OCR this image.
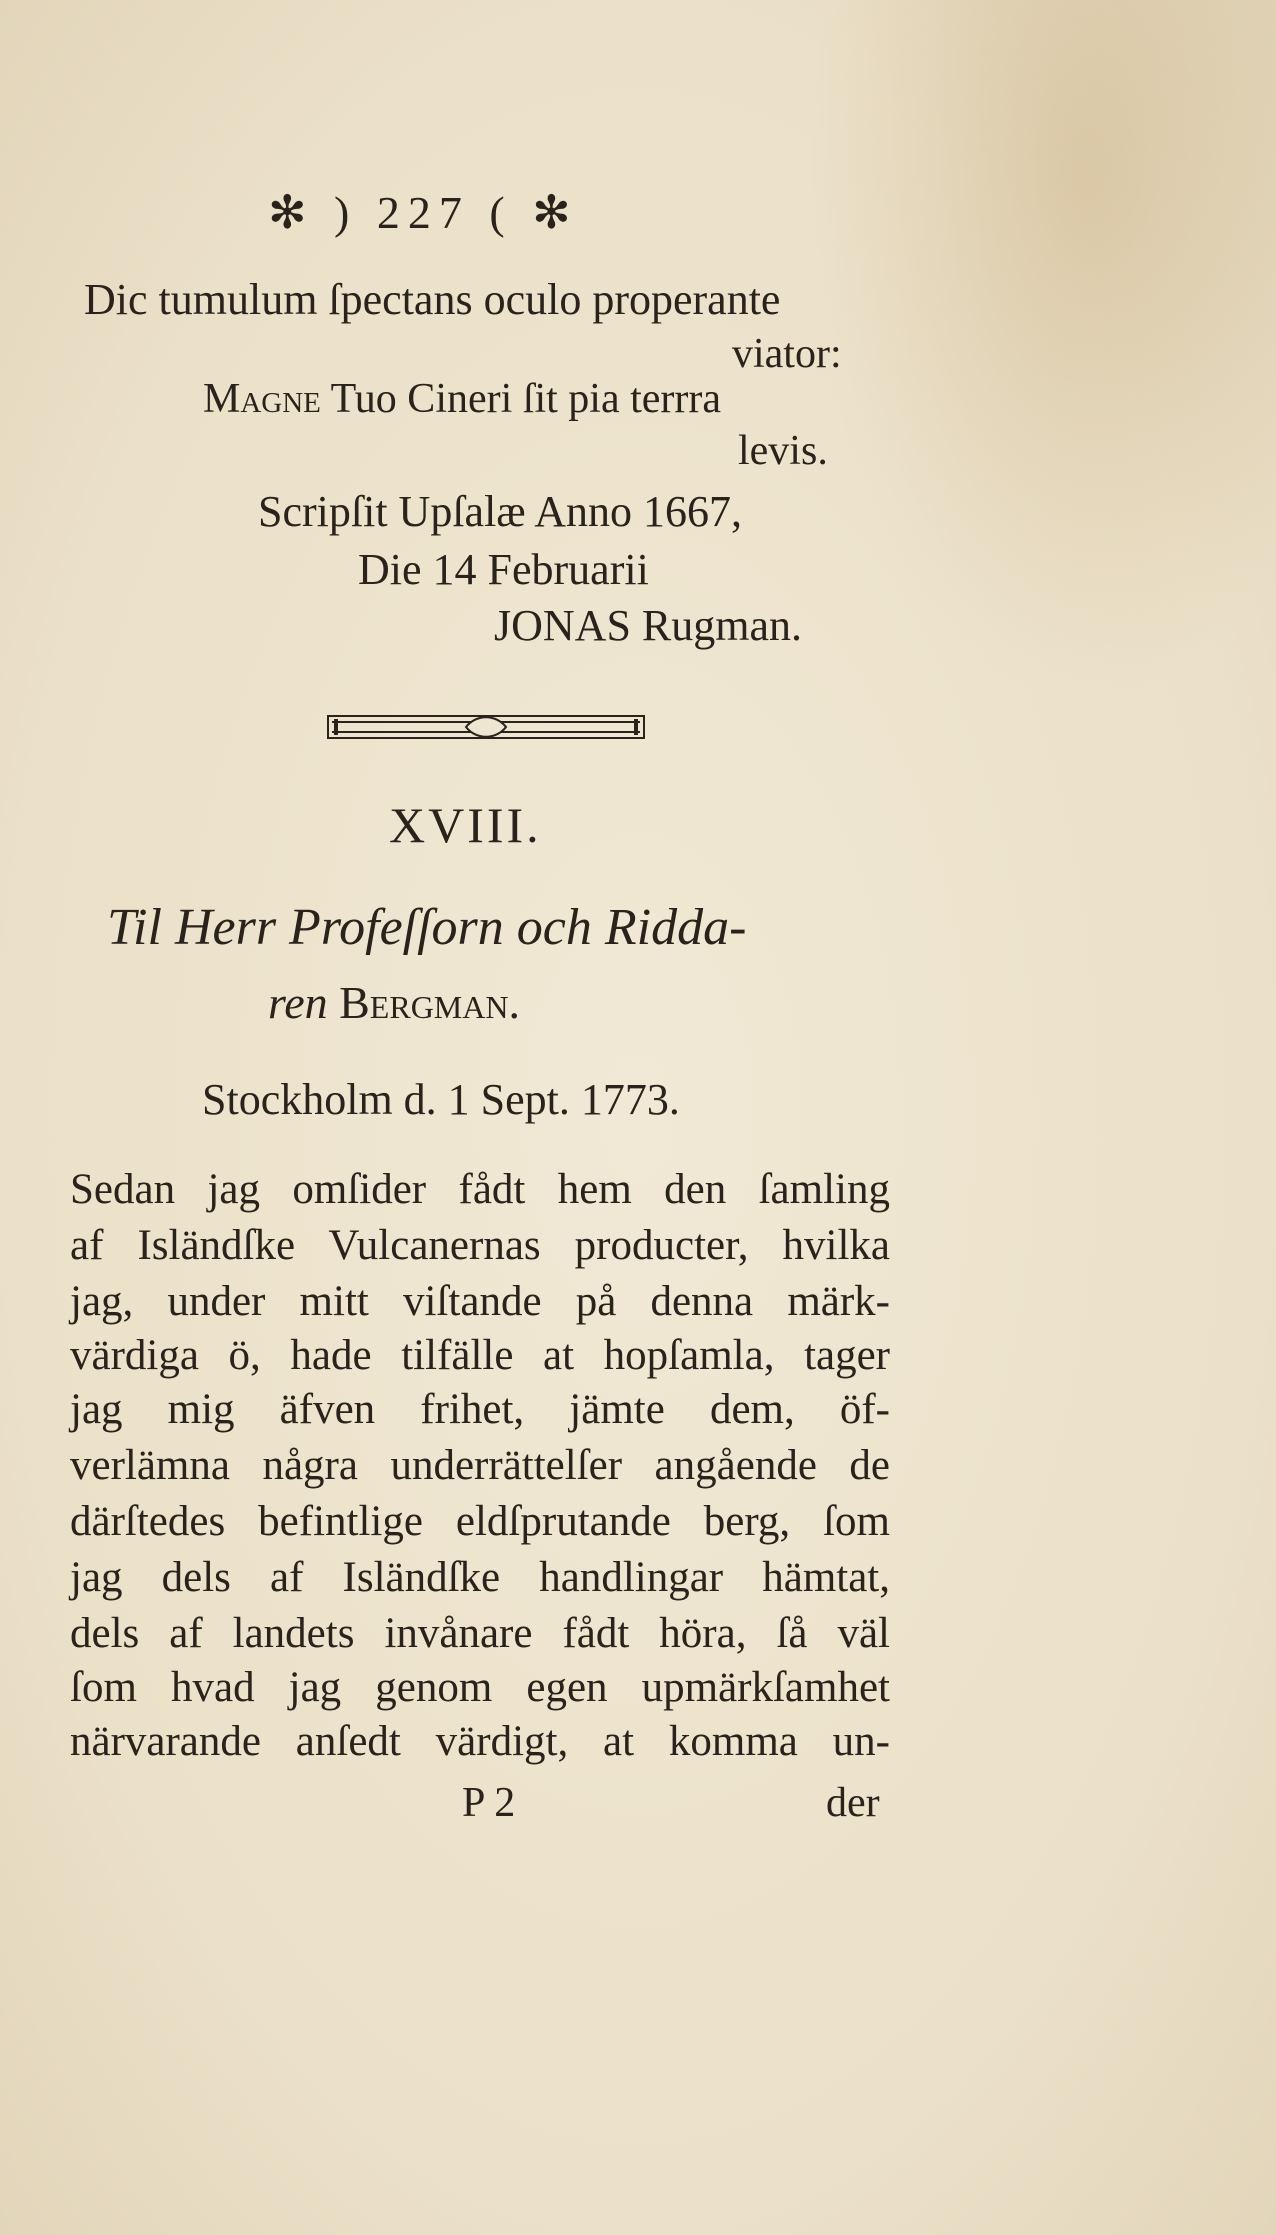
✻ ) 227 ( ✻
Dic tumulum ſpectans oculo properante
viator:
Magne Tuo Cineri ſit pia terrra
levis.
Scripſit Upſalæ Anno 1667,
Die 14 Februarii
JONAS Rugman.
XVIII.
Til Herr Profeſſorn och Ridda-
ren Bergman.
Stockholm d. 1 Sept. 1773.
Sedan jag omſider fådt hem den ſamling
af Isländſke Vulcanernas producter, hvilka
jag, under mitt viſtande på denna märk-
värdiga ö, hade tilfälle at hopſamla, tager
jag mig äfven frihet, jämte dem, öf-
verlämna några underrättelſer angående de
därſtedes befintlige eldſprutande berg, ſom
jag dels af Isländſke handlingar hämtat,
dels af landets invånare fådt höra, ſå väl
ſom hvad jag genom egen upmärkſamhet
närvarande anſedt värdigt, at komma un-
P 2	der
